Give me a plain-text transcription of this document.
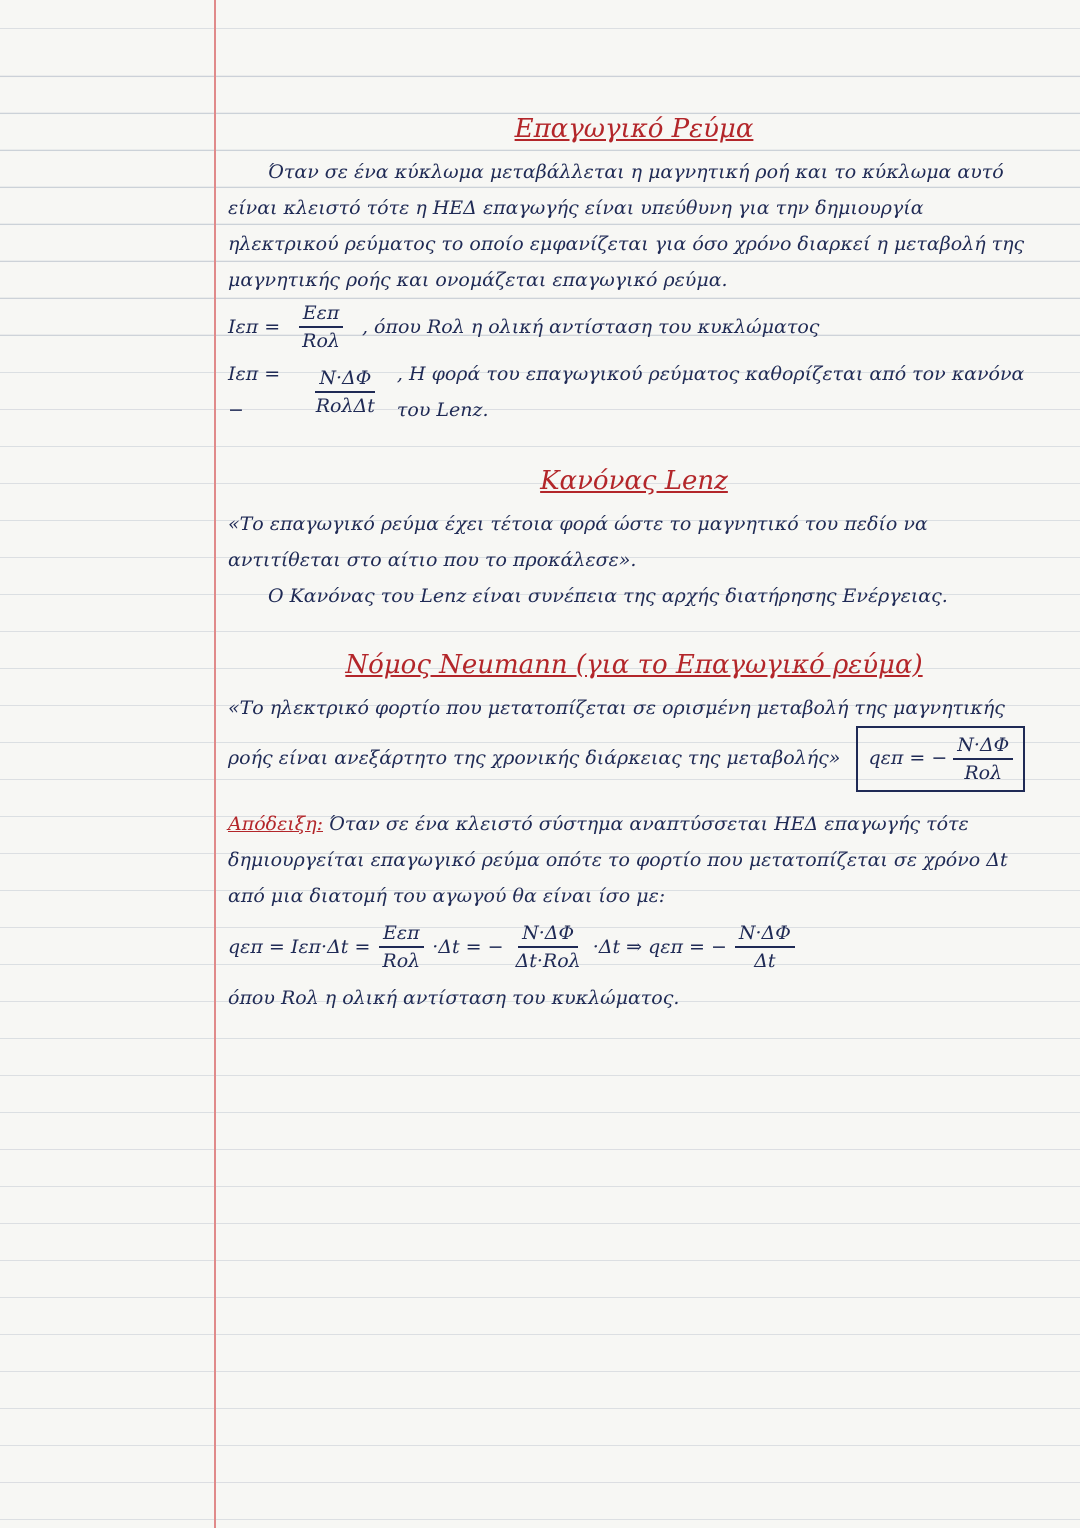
Επαγωγικό Ρεύμα

Όταν σε ένα κύκλωμα μεταβάλλεται η μαγνητική ροή και το κύκλωμα αυτό είναι κλειστό τότε η ΗΕΔ επαγωγής είναι υπεύθυνη για την δημιουργία ηλεκτρικού ρεύματος το οποίο εμφανίζεται για όσο χρόνο διαρκεί η μεταβολή της μαγνητικής ροής και ονομάζεται επαγωγικό ρεύμα.

$I\varepsilon\pi = \frac{\text{Εεπ}}{\text{Rολ}}$ , όπου Rολ η ολική αντίσταση του κυκλώματος
Iεπ = −	$\frac{N\cdot\Delta\Phi}{\text{RολΔt}}$ , Η φορά του επαγωγικού ρεύματος καθορίζεται από τον κανόνα του Lenz.
Κανόνας Lenz

«Το επαγωγικό ρεύμα έχει τέτοια φορά ώστε το μαγνητικό του πεδίο να αντιτίθεται στο αίτιο που το προκάλεσε».

Ο Κανόνας του Lenz είναι συνέπεια της αρχής διατήρησης Ενέργειας.

Νόμος Neumann (για το Επαγωγικό ρεύμα)

«Το ηλεκτρικό φορτίο που μετατοπίζεται σε ορισμένη μεταβολή της μαγνητικής ροής είναι ανεξάρτητο της χρονικής διάρκειας της μεταβολής» qεπ = − $\frac{N\cdot\Delta\Phi}{\text{Rολ}}$

Απόδειξη: Όταν σε ένα κλειστό σύστημα αναπτύσσεται ΗΕΔ επαγωγής τότε δημιουργείται επαγωγικό ρεύμα οπότε το φορτίο που μετατοπίζεται σε χρόνο Δt από μια διατομή του αγωγού θα είναι ίσο με:

$q\varepsilon\pi = I\varepsilon\pi\cdot\Delta t = \frac{\text{Εεπ}}{\text{Rολ}} \cdot\Delta t$ = − $\frac{N\cdot\Delta\Phi}{\text{Δt·Rολ}} \cdot\Delta t$ ⇒ qεπ = − $\frac{N\cdot\Delta\Phi}{\Delta t}$

όπου Rολ η ολική αντίσταση του κυκλώματος.
